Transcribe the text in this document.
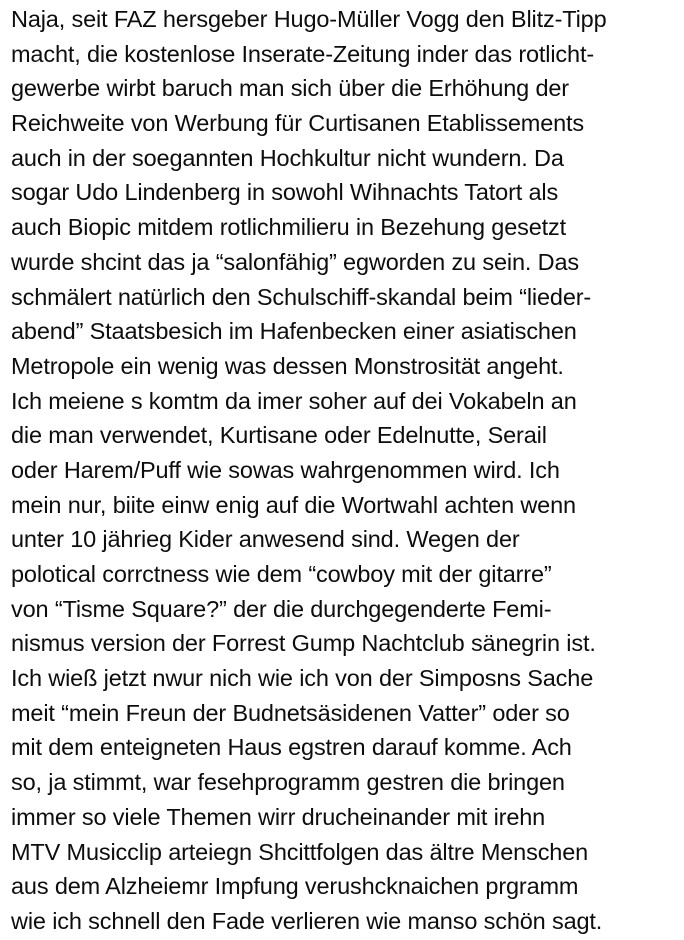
Naja, seit FAZ hersgeber Hugo-Müller Vogg den Blitz-Tipp
macht, die kostenlose Inserate-Zeitung inder das rotlicht-
gewerbe wirbt baruch man sich über die Erhöhung der
Reichweite von Werbung für Curtisanen Etablissements
auch in der soegannten Hochkultur nicht wundern. Da
sogar Udo Lindenberg in sowohl Wihnachts Tatort als
auch Biopic mitdem rotlichmilieru in Bezehung gesetzt
wurde shcint das ja “salonfähig” egworden zu sein. Das
schmälert natürlich den Schulschiff-skandal beim “lieder-
abend” Staatsbesich im Hafenbecken einer asiatischen
Metropole ein wenig was dessen Monstrosität angeht.
Ich meiene s komtm da imer soher auf dei Vokabeln an
die man verwendet, Kurtisane oder Edelnutte, Serail
oder Harem/Puff wie sowas wahrgenommen wird. Ich
mein nur, biite einw enig auf die Wortwahl achten wenn
unter 10 jährieg Kider anwesend sind. Wegen der
polotical corrctness wie dem “cowboy mit der gitarre”
von “Tisme Square?” der die durchgegenderte Femi-
nismus version der Forrest Gump Nachtclub sänegrin ist.
Ich wieß jetzt nwur nich wie ich von der Simposns Sache
meit “mein Freun der Budnetsäsidenen Vatter” oder so
mit dem enteigneten Haus egstren darauf komme. Ach
so, ja stimmt, war fesehprogramm gestren die bringen
immer so viele Themen wirr drucheinander mit irehn
MTV Musicclip arteiegn Shcittfolgen das ältre Menschen
aus dem Alzheiemr Impfung verushcknaichen prgramm
wie ich schnell den Fade verlieren wie manso schön sagt.
